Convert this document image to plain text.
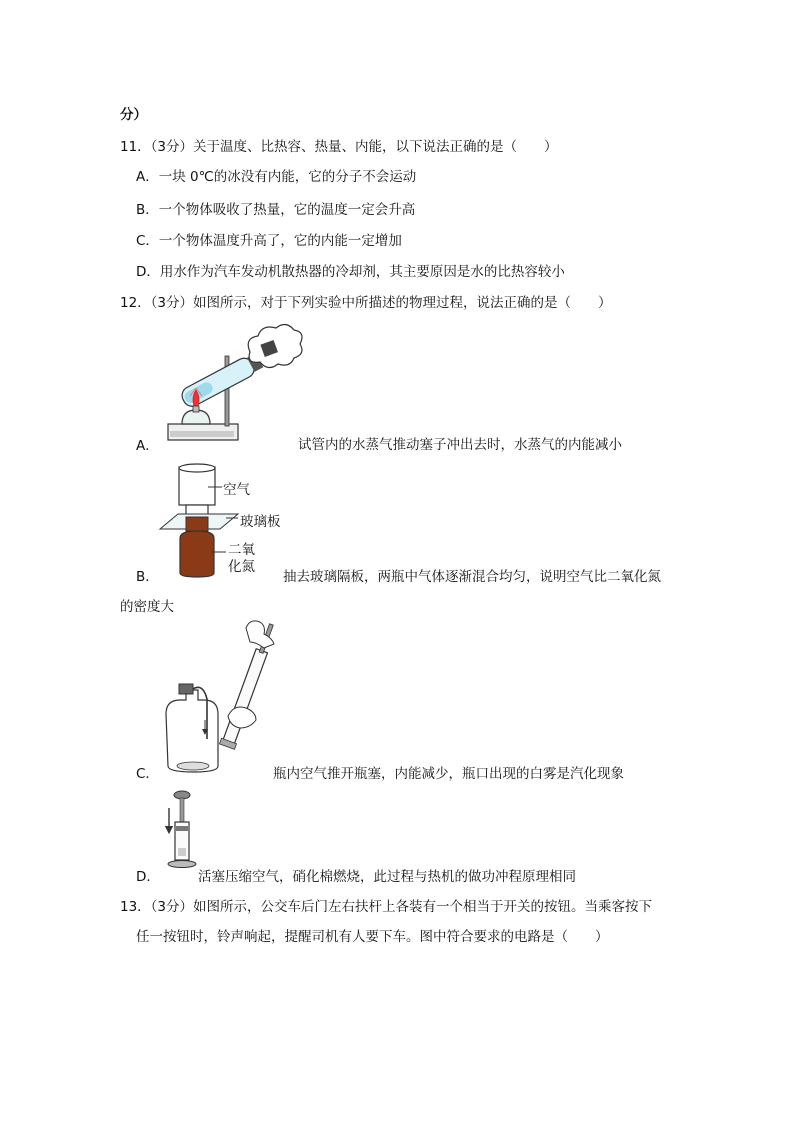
分）
11．（3分）关于温度、比热容、热量、内能，以下说法正确的是（　　）
A．一块 0℃的冰没有内能，它的分子不会运动
B．一个物体吸收了热量，它的温度一定会升高
C．一个物体温度升高了，它的内能一定增加
D．用水作为汽车发动机散热器的冷却剂，其主要原因是水的比热容较小
12．（3分）如图所示，对于下列实验中所描述的物理过程，说法正确的是（　　）
A．	试管内的水蒸气推动塞子冲出去时，水蒸气的内能减小
空气
玻璃板
二氧
化氮
B．	抽去玻璃隔板，两瓶中气体逐渐混合均匀，说明空气比二氧化氮
的密度大
C．	瓶内空气推开瓶塞，内能减少，瓶口出现的白雾是汽化现象
D．	活塞压缩空气，硝化棉燃烧，此过程与热机的做功冲程原理相同
13．（3分）如图所示，公交车后门左右扶杆上各装有一个相当于开关的按钮。当乘客按下
任一按钮时，铃声响起，提醒司机有人要下车。图中符合要求的电路是（　　）
